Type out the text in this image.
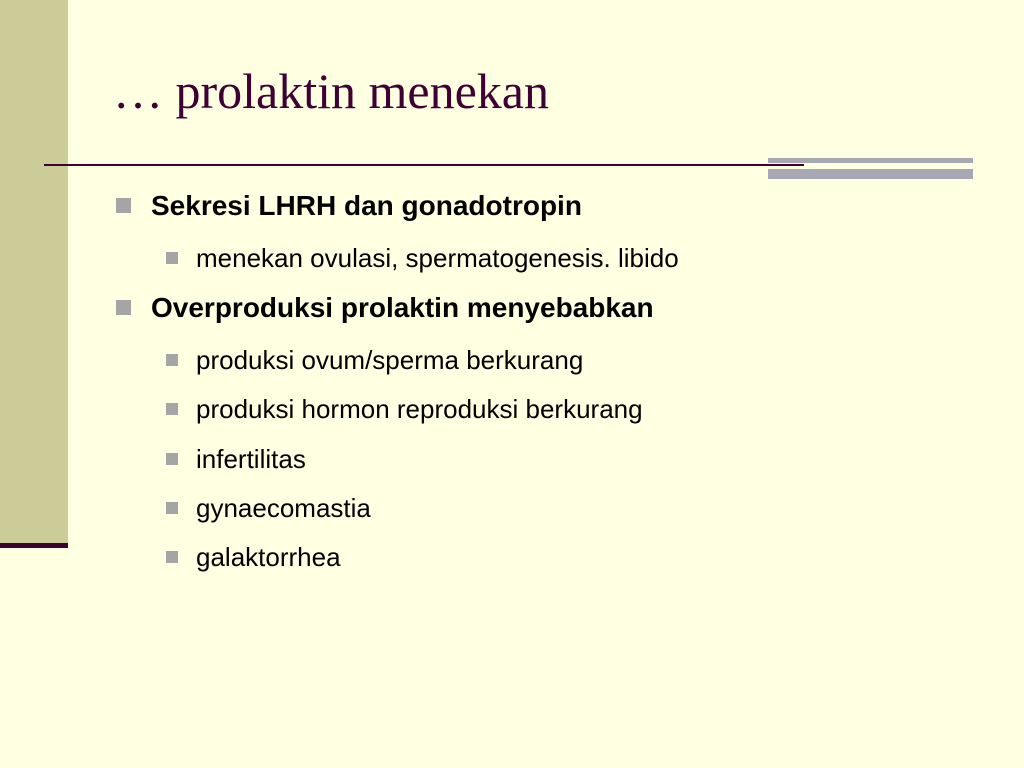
… prolaktin menekan
Sekresi LHRH dan gonadotropin
menekan ovulasi, spermatogenesis. libido
Overproduksi prolaktin menyebabkan
produksi ovum/sperma berkurang
produksi hormon reproduksi berkurang
infertilitas
gynaecomastia
galaktorrhea
